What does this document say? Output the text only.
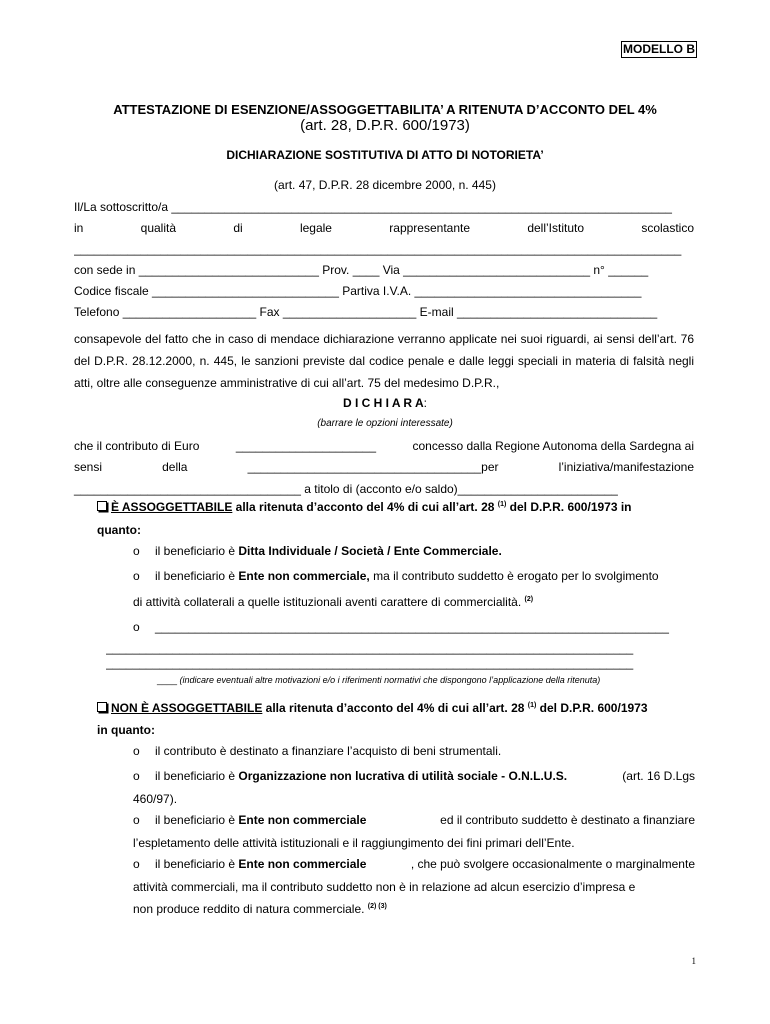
MODELLO B
ATTESTAZIONE DI ESENZIONE/ASSOGGETTABILITA’ A RITENUTA D’ACCONTO DEL 4%
(art. 28, D.P.R. 600/1973)
DICHIARAZIONE SOSTITUTIVA DI ATTO DI NOTORIETA’
(art. 47, D.P.R. 28 dicembre 2000, n. 445)
Il/La sottoscritto/a ___________________________________________________________________________
in	qualità	di	legale	rappresentante	dell’Istituto	scolastico
___________________________________________________________________________________________
con sede in ___________________________ Prov. ____ Via ____________________________ n° ______
Codice fiscale ____________________________ Partiva I.V.A. __________________________________
Telefono ____________________ Fax ____________________ E-mail ______________________________
consapevole del fatto che in caso di mendace dichiarazione verranno applicate nei suoi riguardi, ai sensi dell’art. 76 del D.P.R. 28.12.2000, n. 445, le sanzioni previste dal codice penale e dalle leggi speciali in materia di falsità negli atti, oltre alle conseguenze amministrative di cui all’art. 75 del medesimo D.P.R.,
D I C H I A R A:
(barrare le opzioni interessate)
che il contributo di Euro	_____________________	concesso dalla Regione Autonoma della Sardegna ai
sensi	della	___________________________________per	l’iniziativa/manifestazione
__________________________________ a titolo di (acconto e/o saldo)________________________
È ASSOGGETTABILE alla ritenuta d’acconto del 4% di cui all’art. 28 $^{(1)}$ del D.P.R. 600/1973 in
quanto:
o il beneficiario è Ditta Individuale / Società / Ente Commerciale.
o il beneficiario è Ente non commerciale, ma il contributo suddetto è erogato per lo svolgimento
di attività collaterali a quelle istituzionali aventi carattere di commercialità. $^{(2)}$
o _____________________________________________________________________________
_______________________________________________________________________________
_______________________________________________________________________________
____ (indicare eventuali altre motivazioni e/o i riferimenti normativi che dispongono l’applicazione della ritenuta)
NON È ASSOGGETTABILE alla ritenuta d’acconto del 4% di cui all’art. 28 $^{(1)}$ del D.P.R. 600/1973
in quanto:
o il contributo è destinato a finanziare l’acquisto di beni strumentali.
o il beneficiario è Organizzazione non lucrativa di utilità sociale - O.N.L.U.S.	(art. 16 D.Lgs
460/97).
o il beneficiario è Ente non commerciale	ed il contributo suddetto è destinato a finanziare
l’espletamento delle attività istituzionali e il raggiungimento dei fini primari dell’Ente.
o il beneficiario è Ente non commerciale	, che può svolgere occasionalmente o marginalmente
attività commerciali, ma il contributo suddetto non è in relazione ad alcun esercizio d’impresa e
non produce reddito di natura commerciale. $^{(2) (3)}$
1
